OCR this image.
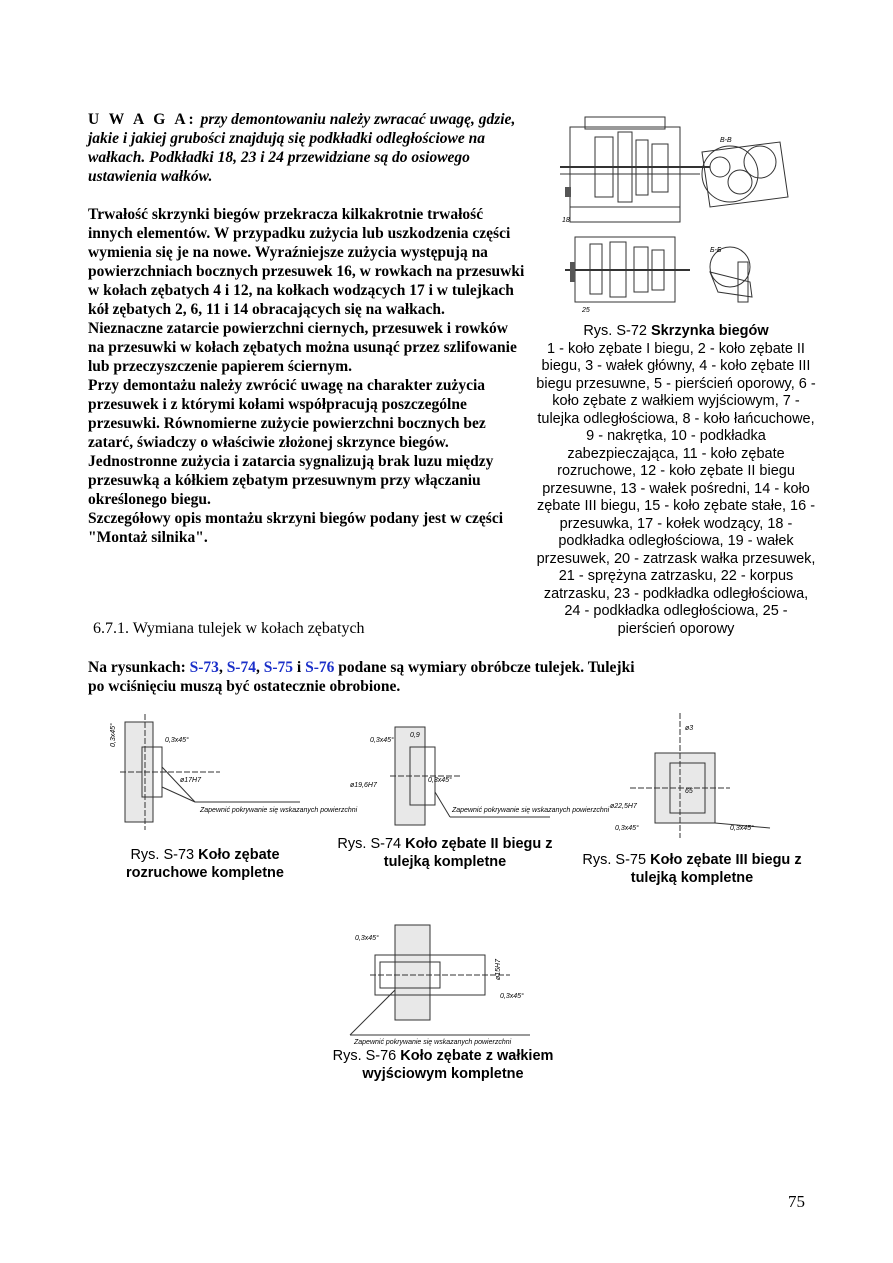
U W A G A: przy demontowaniu należy zwracać uwagę, gdzie, jakie i jakiej grubości znajdują się podkładki odległościowe na wałkach. Podkładki 18, 23 i 24 przewidziane są do osiowego ustawienia wałków.

Trwałość skrzynki biegów przekracza kilkakrotnie trwałość innych elementów. W przypadku zużycia lub uszkodzenia części wymienia się je na nowe. Wyraźniejsze zużycia występują na powierzchniach bocznych przesuwek 16, w rowkach na przesuwki w kołach zębatych 4 i 12, na kołkach wodzących 17 i w tulejkach kół zębatych 2, 6, 11 i 14 obracających się na wałkach.

Nieznaczne zatarcie powierzchni ciernych, przesuwek i rowków na przesuwki w kołach zębatych można usunąć przez szlifowanie lub przeczyszczenie papierem ściernym.

Przy demontażu należy zwrócić uwagę na charakter zużycia przesuwek i z którymi kołami współpracują poszczególne przesuwki. Równomierne zużycie powierzchni bocznych bez zatarć, świadczy o właściwie złożonej skrzynce biegów. Jednostronne zużycia i zatarcia sygnalizują brak luzu między przesuwką a kółkiem zębatym przesuwnym przy włączaniu określonego biegu.

Szczegółowy opis montażu skrzyni biegów podany jest w części "Montaż silnika".

B-B
Б-Б
18
25
Rys. S-72 Skrzynka biegów
1 - koło zębate I biegu, 2 - koło zębate II biegu, 3 - wałek główny, 4 - koło zębate III biegu przesuwne, 5 - pierścień oporowy, 6 - koło zębate z wałkiem wyjściowym, 7 - tulejka odległościowa, 8 - koło łańcuchowe, 9 - nakrętka, 10 - podkładka zabezpieczająca, 11 - koło zębate rozruchowe, 12 - koło zębate II biegu przesuwne, 13 - wałek pośredni, 14 - koło zębate III biegu, 15 - koło zębate stałe, 16 - przesuwka, 17 - kołek wodzący, 18 - podkładka odległościowa, 19 - wałek przesuwek, 20 - zatrzask wałka przesuwek, 21 - sprężyna zatrzasku, 22 - korpus zatrzasku, 23 - podkładka odległościowa, 24 - podkładka odległościowa, 25 - pierścień oporowy
6.7.1. Wymiana tulejek w kołach zębatych
Na rysunkach: S-73, S-74, S-75 i S-76 podane są wymiary obróbcze tulejek. Tulejki po wciśnięciu muszą być ostatecznie obrobione.
0,3x45°	0,3x45°
ø17H7
Zapewnić pokrywanie się wskazanych powierzchni
Rys. S-73 Koło zębate rozruchowe kompletne
0,3x45°
ø19,6H7
0,9
0,3x45°
Zapewnić pokrywanie się wskazanych powierzchni
Rys. S-74 Koło zębate II biegu z tulejką kompletne
ø3
ø22,5H7
65
0,3x45°	0,3x45°
Rys. S-75 Koło zębate III biegu z tulejką kompletne
0,3x45°
ø15H7
0,3x45°
Zapewnić pokrywanie się wskazanych powierzchni
Rys. S-76 Koło zębate z wałkiem wyjściowym kompletne
75
